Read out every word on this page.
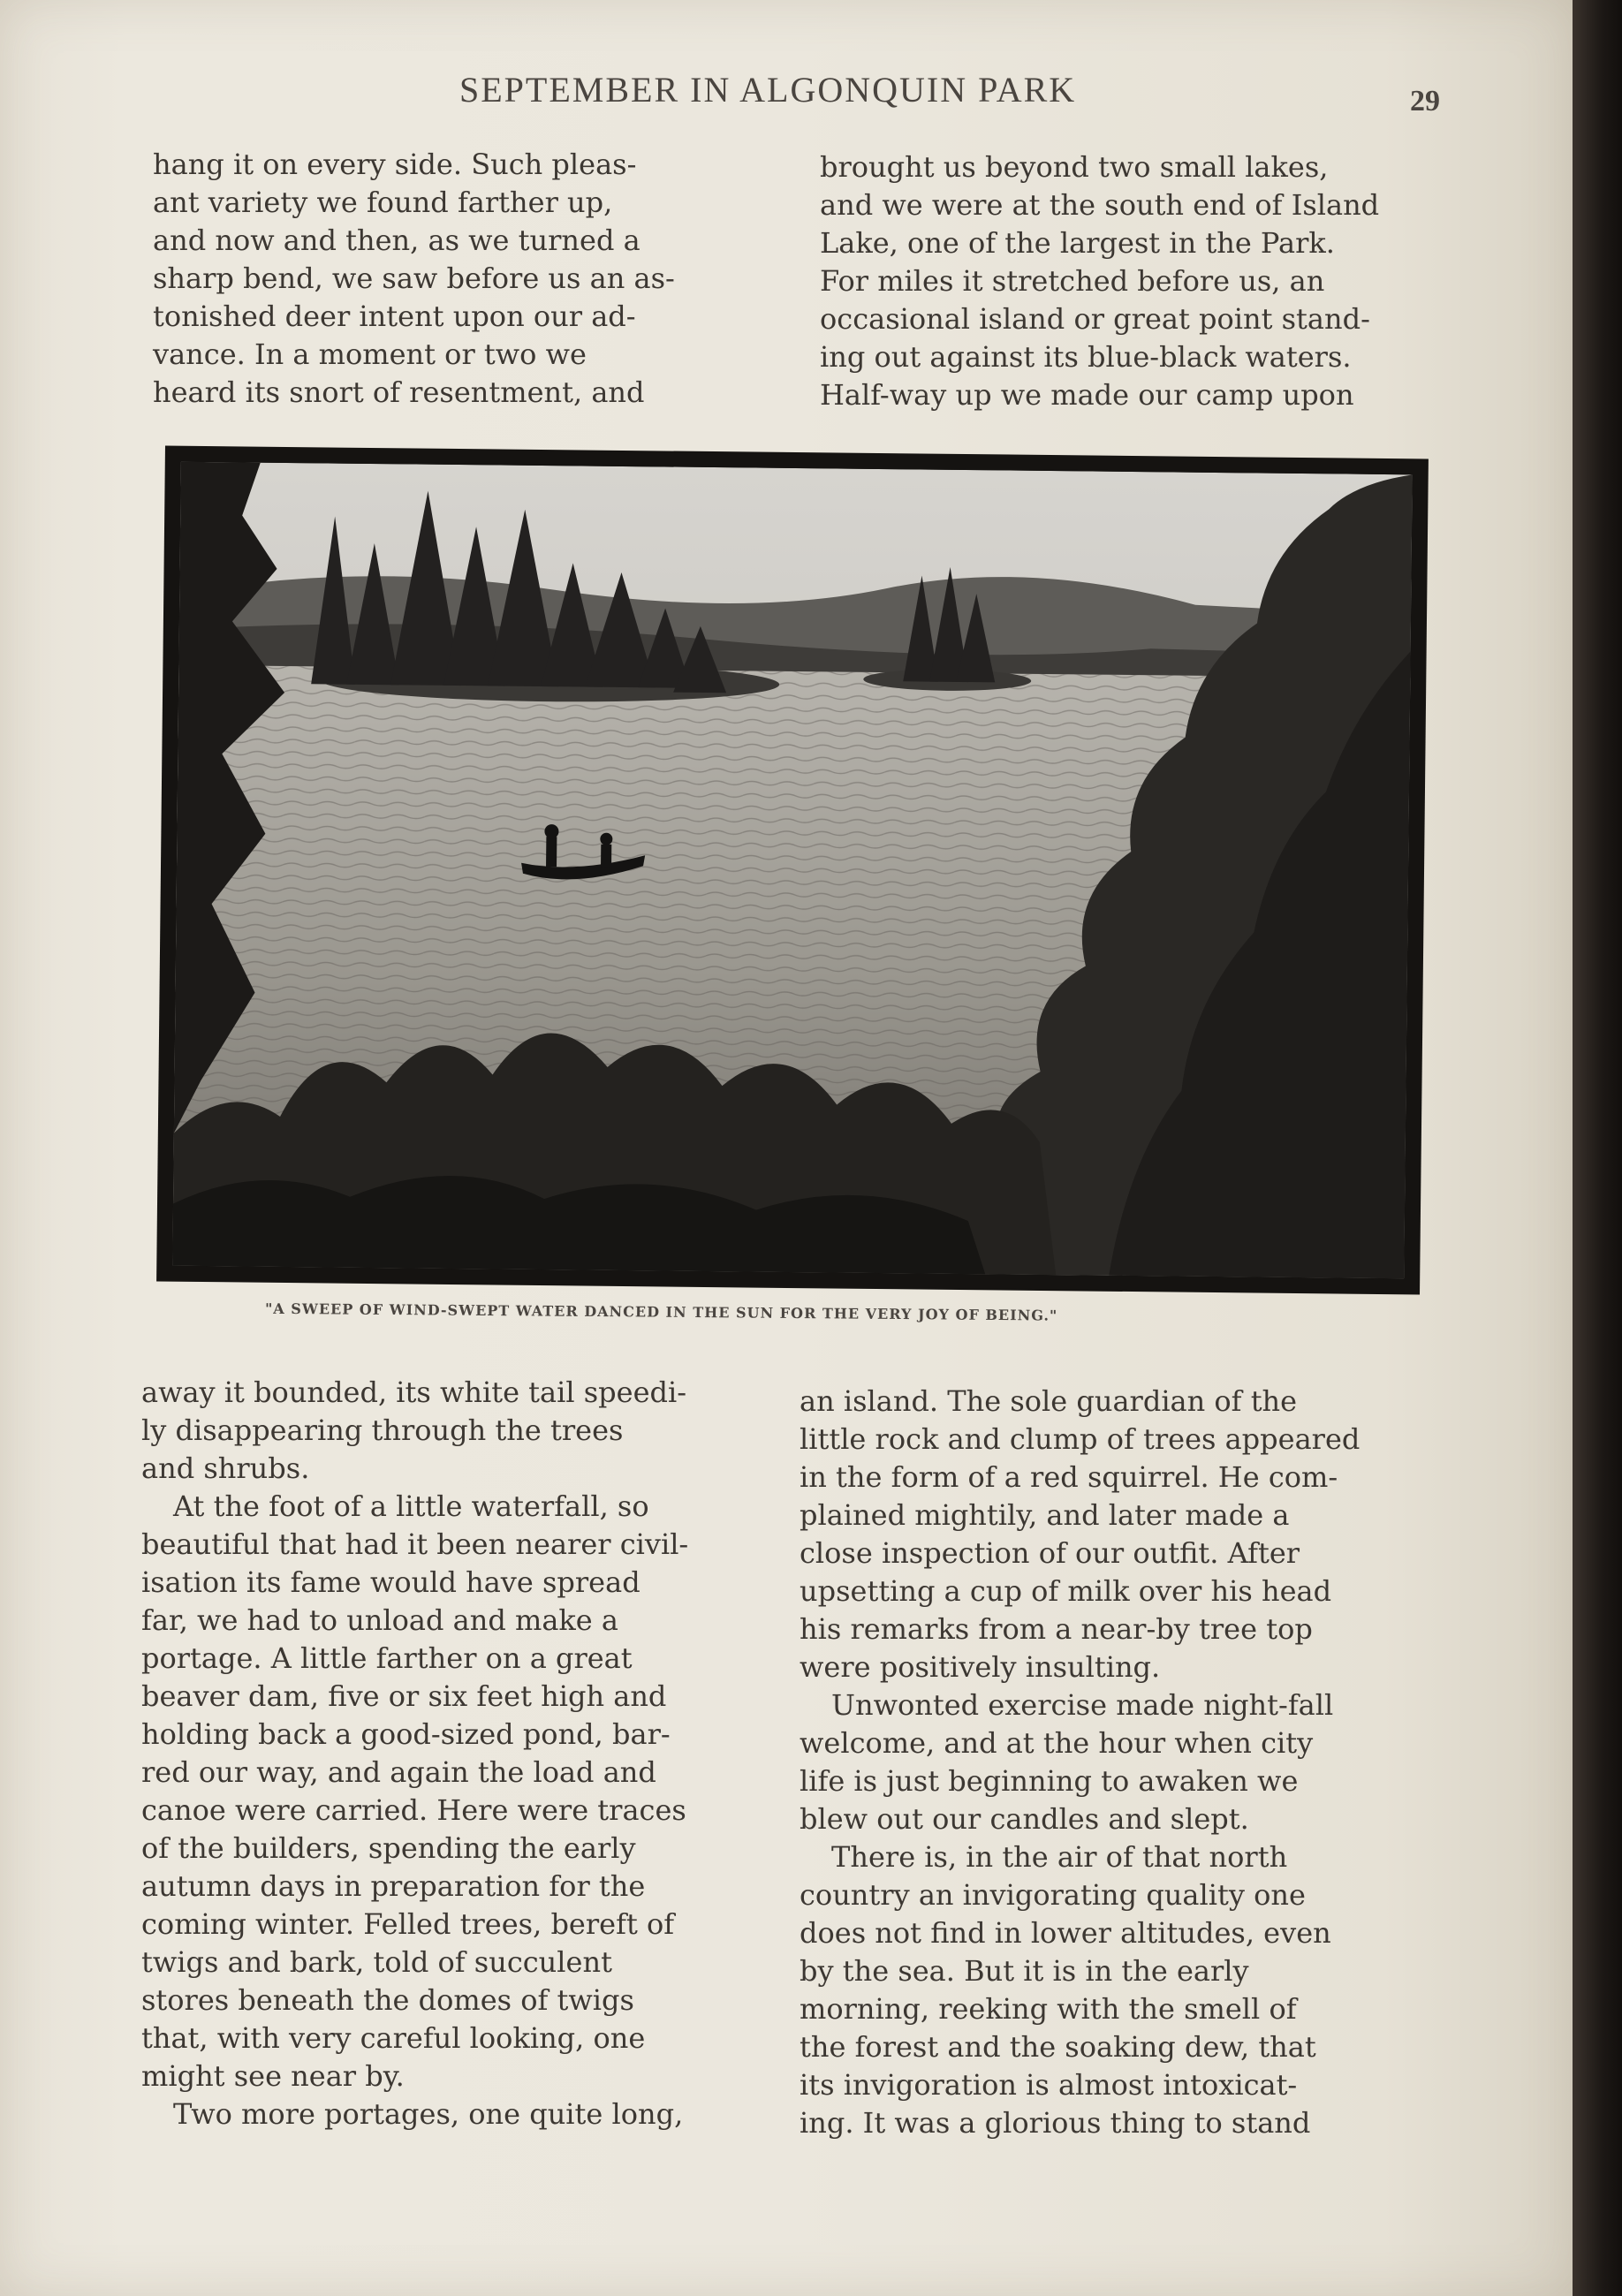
SEPTEMBER IN ALGONQUIN PARK	29
hang it on every side. Such pleas-
ant variety we found farther up,
and now and then, as we turned a
sharp bend, we saw before us an as-
tonished deer intent upon our ad-
vance. In a moment or two we
heard its snort of resentment, and
brought us beyond two small lakes,
and we were at the south end of Island
Lake, one of the largest in the Park.
For miles it stretched before us, an
occasional island or great point stand-
ing out against its blue-black waters.
Half-way up we made our camp upon
"A SWEEP OF WIND-SWEPT WATER DANCED IN THE SUN FOR THE VERY JOY OF BEING."
away it bounded, its white tail speedi-
ly disappearing through the trees
and shrubs.
At the foot of a little waterfall, so
beautiful that had it been nearer civil-
isation its fame would have spread
far, we had to unload and make a
portage. A little farther on a great
beaver dam, five or six feet high and
holding back a good-sized pond, bar-
red our way, and again the load and
canoe were carried. Here were traces
of the builders, spending the early
autumn days in preparation for the
coming winter. Felled trees, bereft of
twigs and bark, told of succulent
stores beneath the domes of twigs
that, with very careful looking, one
might see near by.
Two more portages, one quite long,
an island. The sole guardian of the
little rock and clump of trees appeared
in the form of a red squirrel. He com-
plained mightily, and later made a
close inspection of our outfit. After
upsetting a cup of milk over his head
his remarks from a near-by tree top
were positively insulting.
Unwonted exercise made night-fall
welcome, and at the hour when city
life is just beginning to awaken we
blew out our candles and slept.
There is, in the air of that north
country an invigorating quality one
does not find in lower altitudes, even
by the sea. But it is in the early
morning, reeking with the smell of
the forest and the soaking dew, that
its invigoration is almost intoxicat-
ing. It was a glorious thing to stand
